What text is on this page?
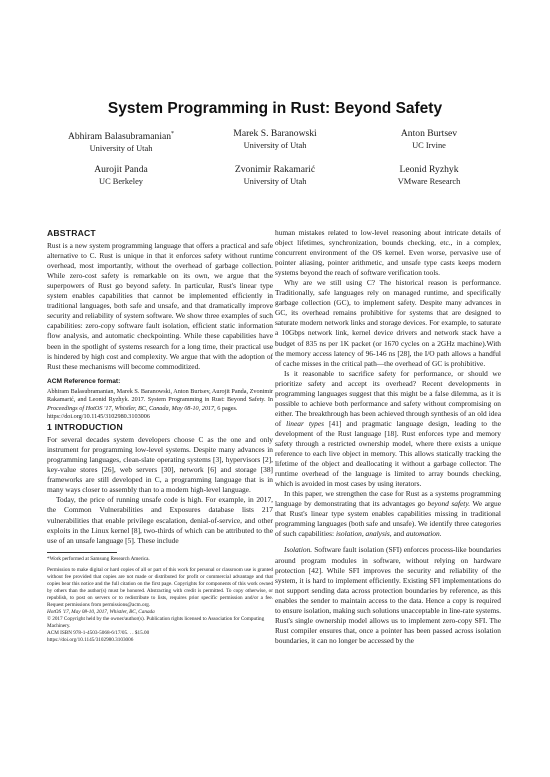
System Programming in Rust: Beyond Safety
Abhiram Balasubramanian*
University of Utah
Marek S. Baranowski
University of Utah
Anton Burtsev
UC Irvine
Aurojit Panda
UC Berkeley
Zvonimir Rakamarić
University of Utah
Leonid Ryzhyk
VMware Research
ABSTRACT

Rust is a new system programming language that offers a practical and safe alternative to C. Rust is unique in that it enforces safety without runtime overhead, most importantly, without the overhead of garbage collection. While zero-cost safety is remarkable on its own, we argue that the superpowers of Rust go beyond safety. In particular, Rust's linear type system enables capabilities that cannot be implemented efficiently in traditional languages, both safe and unsafe, and that dramatically improve security and reliability of system software. We show three examples of such capabilities: zero-copy software fault isolation, efficient static information flow analysis, and automatic checkpointing. While these capabilities have been in the spotlight of systems research for a long time, their practical use is hindered by high cost and complexity. We argue that with the adoption of Rust these mechanisms will become commoditized.

ACM Reference format:

Abhiram Balasubramanian, Marek S. Baranowski, Anton Burtsev, Aurojit Panda, Zvonimir Rakamarić, and Leonid Ryzhyk. 2017. System Programming in Rust: Beyond Safety. In Proceedings of HotOS '17, Whistler, BC, Canada, May 08-10, 2017, 6 pages.
https://doi.org/10.1145/3102980.3103006

1 INTRODUCTION

For several decades system developers choose C as the one and only instrument for programming low-level systems. Despite many advances in programming languages, clean-slate operating systems [3], hypervisors [2], key-value stores [26], web servers [30], network [6] and storage [38] frameworks are still developed in C, a programming language that is in many ways closer to assembly than to a modern high-level language.

Today, the price of running unsafe code is high. For example, in 2017, the Common Vulnerabilities and Exposures database lists 217 vulnerabilities that enable privilege escalation, denial-of-service, and other exploits in the Linux kernel [8], two-thirds of which can be attributed to the use of an unsafe language [5]. These include

*Work performed at Samsung Research America.

Permission to make digital or hard copies of all or part of this work for personal or classroom use is granted without fee provided that copies are not made or distributed for profit or commercial advantage and that copies bear this notice and the full citation on the first page. Copyrights for components of this work owned by others than the author(s) must be honored. Abstracting with credit is permitted. To copy otherwise, or republish, to post on servers or to redistribute to lists, requires prior specific permission and/or a fee. Request permissions from permissions@acm.org.

HotOS '17, May 08-10, 2017, Whistler, BC, Canada
© 2017 Copyright held by the owner/author(s). Publication rights licensed to Association for Computing Machinery.
ACM ISBN 978-1-4503-5068-6/17/05. . . $15.00
https://doi.org/10.1145/3102980.3103006

human mistakes related to low-level reasoning about intricate details of object lifetimes, synchronization, bounds checking, etc., in a complex, concurrent environment of the OS kernel. Even worse, pervasive use of pointer aliasing, pointer arithmetic, and unsafe type casts keeps modern systems beyond the reach of software verification tools.

Why are we still using C? The historical reason is performance. Traditionally, safe languages rely on managed runtime, and specifically garbage collection (GC), to implement safety. Despite many advances in GC, its overhead remains prohibitive for systems that are designed to saturate modern network links and storage devices. For example, to saturate a 10Gbps network link, kernel device drivers and network stack have a budget of 835 ns per 1K packet (or 1670 cycles on a 2GHz machine).With the memory access latency of 96-146 ns [28], the I/O path allows a handful of cache misses in the critical path—the overhead of GC is prohibitive.

Is it reasonable to sacrifice safety for performance, or should we prioritize safety and accept its overhead? Recent developments in programming languages suggest that this might be a false dilemma, as it is possible to achieve both performance and safety without compromising on either. The breakthrough has been achieved through synthesis of an old idea of linear types [41] and pragmatic language design, leading to the development of the Rust language [18]. Rust enforces type and memory safety through a restricted ownership model, where there exists a unique reference to each live object in memory. This allows statically tracking the lifetime of the object and deallocating it without a garbage collector. The runtime overhead of the language is limited to array bounds checking, which is avoided in most cases by using iterators.

In this paper, we strengthen the case for Rust as a systems programming language by demonstrating that its advantages go beyond safety. We argue that Rust's linear type system enables capabilities missing in traditional programming languages (both safe and unsafe). We identify three categories of such capabilities: isolation, analysis, and automation.

Isolation. Software fault isolation (SFI) enforces process-like boundaries around program modules in software, without relying on hardware protection [42]. While SFI improves the security and reliability of the system, it is hard to implement efficiently. Existing SFI implementations do not support sending data across protection boundaries by reference, as this enables the sender to maintain access to the data. Hence a copy is required to ensure isolation, making such solutions unacceptable in line-rate systems. Rust's single ownership model allows us to implement zero-copy SFI. The Rust compiler ensures that, once a pointer has been passed across isolation boundaries, it can no longer be accessed by the
